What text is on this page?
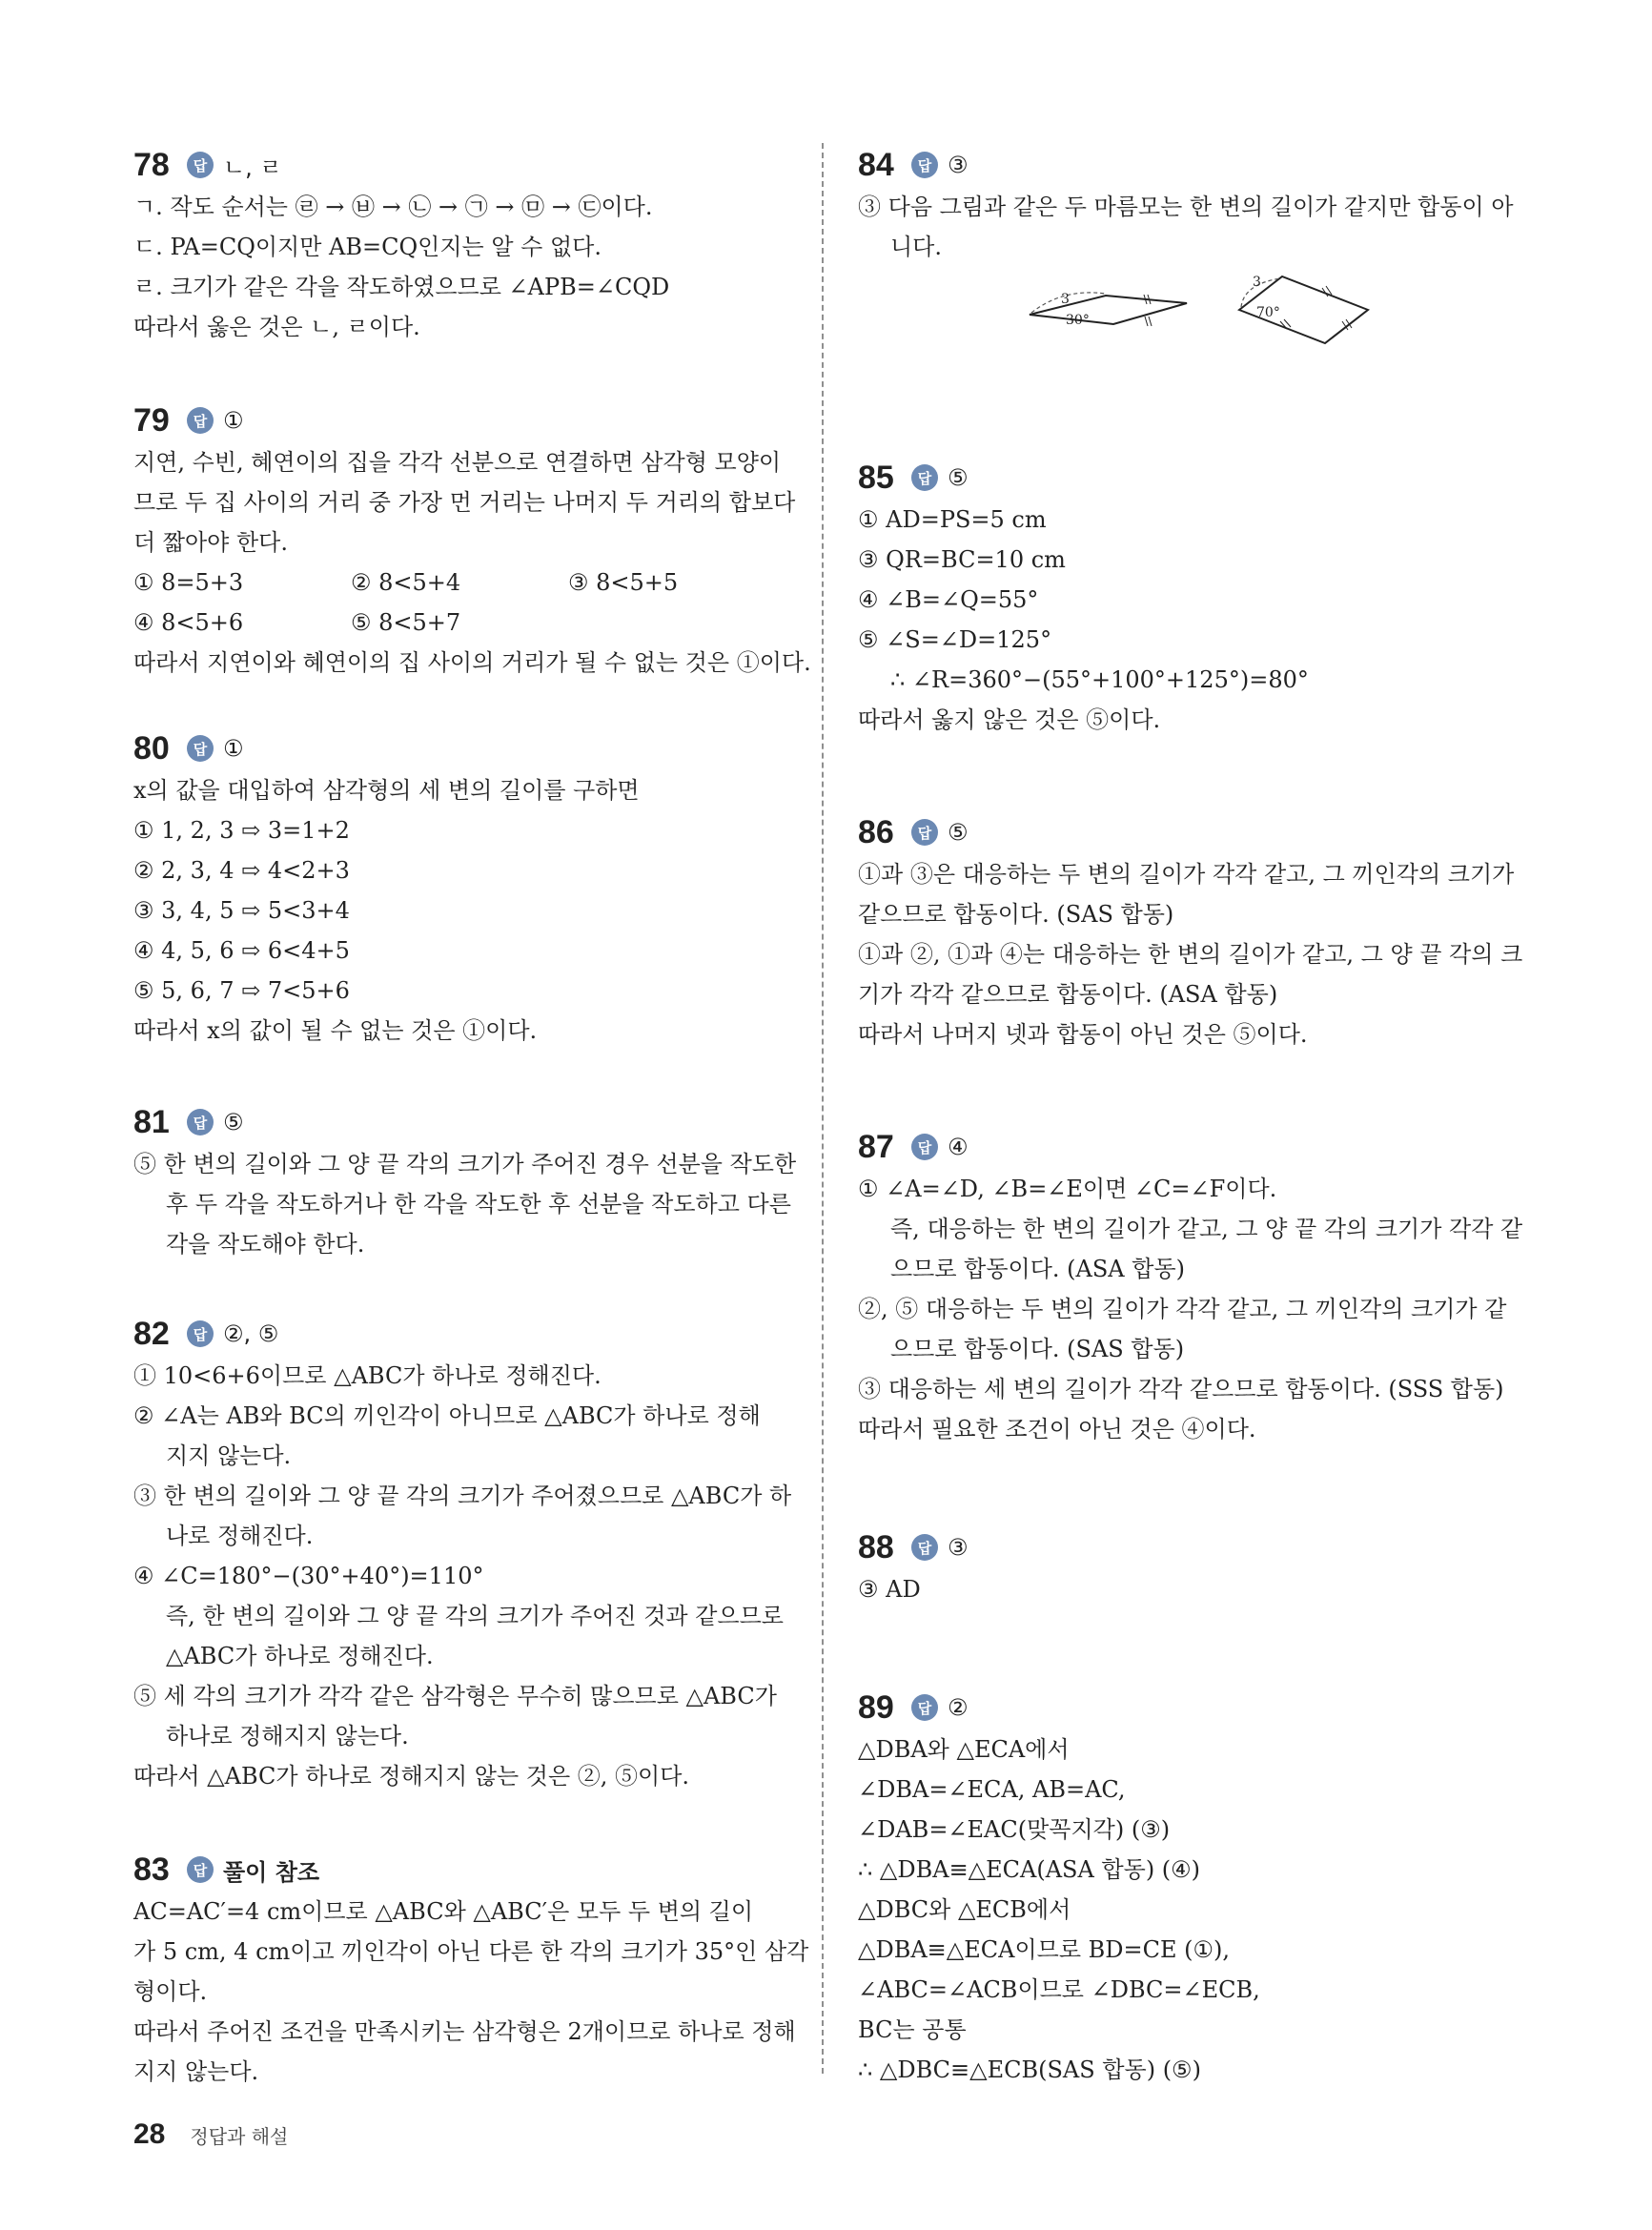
78	답 ㄴ, ㄹ
ㄱ. 작도 순서는 ㉣ → ㉥ → ㉡ → ㉠ → ㉤ → ㉢이다.
ㄷ. PA=CQ이지만 AB=CQ인지는 알 수 없다.
ㄹ. 크기가 같은 각을 작도하였으므로 ∠APB=∠CQD
따라서 옳은 것은 ㄴ, ㄹ이다.
79	답 ①
지연, 수빈, 혜연이의 집을 각각 선분으로 연결하면 삼각형 모양이
므로 두 집 사이의 거리 중 가장 먼 거리는 나머지 두 거리의 합보다
더 짧아야 한다.
① 8=5+3	② 8<5+4	③ 8<5+5
④ 8<5+6	⑤ 8<5+7
따라서 지연이와 혜연이의 집 사이의 거리가 될 수 없는 것은 ①이다.
80	답 ①
x의 값을 대입하여 삼각형의 세 변의 길이를 구하면
① 1, 2, 3 ⇨ 3=1+2
② 2, 3, 4 ⇨ 4<2+3
③ 3, 4, 5 ⇨ 5<3+4
④ 4, 5, 6 ⇨ 6<4+5
⑤ 5, 6, 7 ⇨ 7<5+6
따라서 x의 값이 될 수 없는 것은 ①이다.
81	답 ⑤
⑤ 한 변의 길이와 그 양 끝 각의 크기가 주어진 경우 선분을 작도한
후 두 각을 작도하거나 한 각을 작도한 후 선분을 작도하고 다른
각을 작도해야 한다.
82	답 ②, ⑤
① 10<6+6이므로 △ABC가 하나로 정해진다.
② ∠A는 AB와 BC의 끼인각이 아니므로 △ABC가 하나로 정해
지지 않는다.
③ 한 변의 길이와 그 양 끝 각의 크기가 주어졌으므로 △ABC가 하
나로 정해진다.
④ ∠C=180°−(30°+40°)=110°
즉, 한 변의 길이와 그 양 끝 각의 크기가 주어진 것과 같으므로
△ABC가 하나로 정해진다.
⑤ 세 각의 크기가 각각 같은 삼각형은 무수히 많으므로 △ABC가
하나로 정해지지 않는다.
따라서 △ABC가 하나로 정해지지 않는 것은 ②, ⑤이다.
83	답 풀이 참조
AC=AC′=4 cm이므로 △ABC와 △ABC′은 모두 두 변의 길이
가 5 cm, 4 cm이고 끼인각이 아닌 다른 한 각의 크기가 35°인 삼각
형이다.
따라서 주어진 조건을 만족시키는 삼각형은 2개이므로 하나로 정해
지지 않는다.
84	답 ③
③ 다음 그림과 같은 두 마름모는 한 변의 길이가 같지만 합동이 아
니다.
3
30°
3
70°
85	답 ⑤
① AD=PS=5 cm
③ QR=BC=10 cm
④ ∠B=∠Q=55°
⑤ ∠S=∠D=125°
∴ ∠R=360°−(55°+100°+125°)=80°
따라서 옳지 않은 것은 ⑤이다.
86	답 ⑤
①과 ③은 대응하는 두 변의 길이가 각각 같고, 그 끼인각의 크기가
같으므로 합동이다. (SAS 합동)
①과 ②, ①과 ④는 대응하는 한 변의 길이가 같고, 그 양 끝 각의 크
기가 각각 같으므로 합동이다. (ASA 합동)
따라서 나머지 넷과 합동이 아닌 것은 ⑤이다.
87	답 ④
① ∠A=∠D, ∠B=∠E이면 ∠C=∠F이다.
즉, 대응하는 한 변의 길이가 같고, 그 양 끝 각의 크기가 각각 같
으므로 합동이다. (ASA 합동)
②, ⑤ 대응하는 두 변의 길이가 각각 같고, 그 끼인각의 크기가 같
으므로 합동이다. (SAS 합동)
③ 대응하는 세 변의 길이가 각각 같으므로 합동이다. (SSS 합동)
따라서 필요한 조건이 아닌 것은 ④이다.
88	답 ③
③ AD
89	답 ②
△DBA와 △ECA에서
∠DBA=∠ECA, AB=AC,
∠DAB=∠EAC(맞꼭지각) (③)
∴ △DBA≡△ECA(ASA 합동) (④)
△DBC와 △ECB에서
△DBA≡△ECA이므로 BD=CE (①),
∠ABC=∠ACB이므로 ∠DBC=∠ECB,
BC는 공통
∴ △DBC≡△ECB(SAS 합동) (⑤)
28 정답과 해설
